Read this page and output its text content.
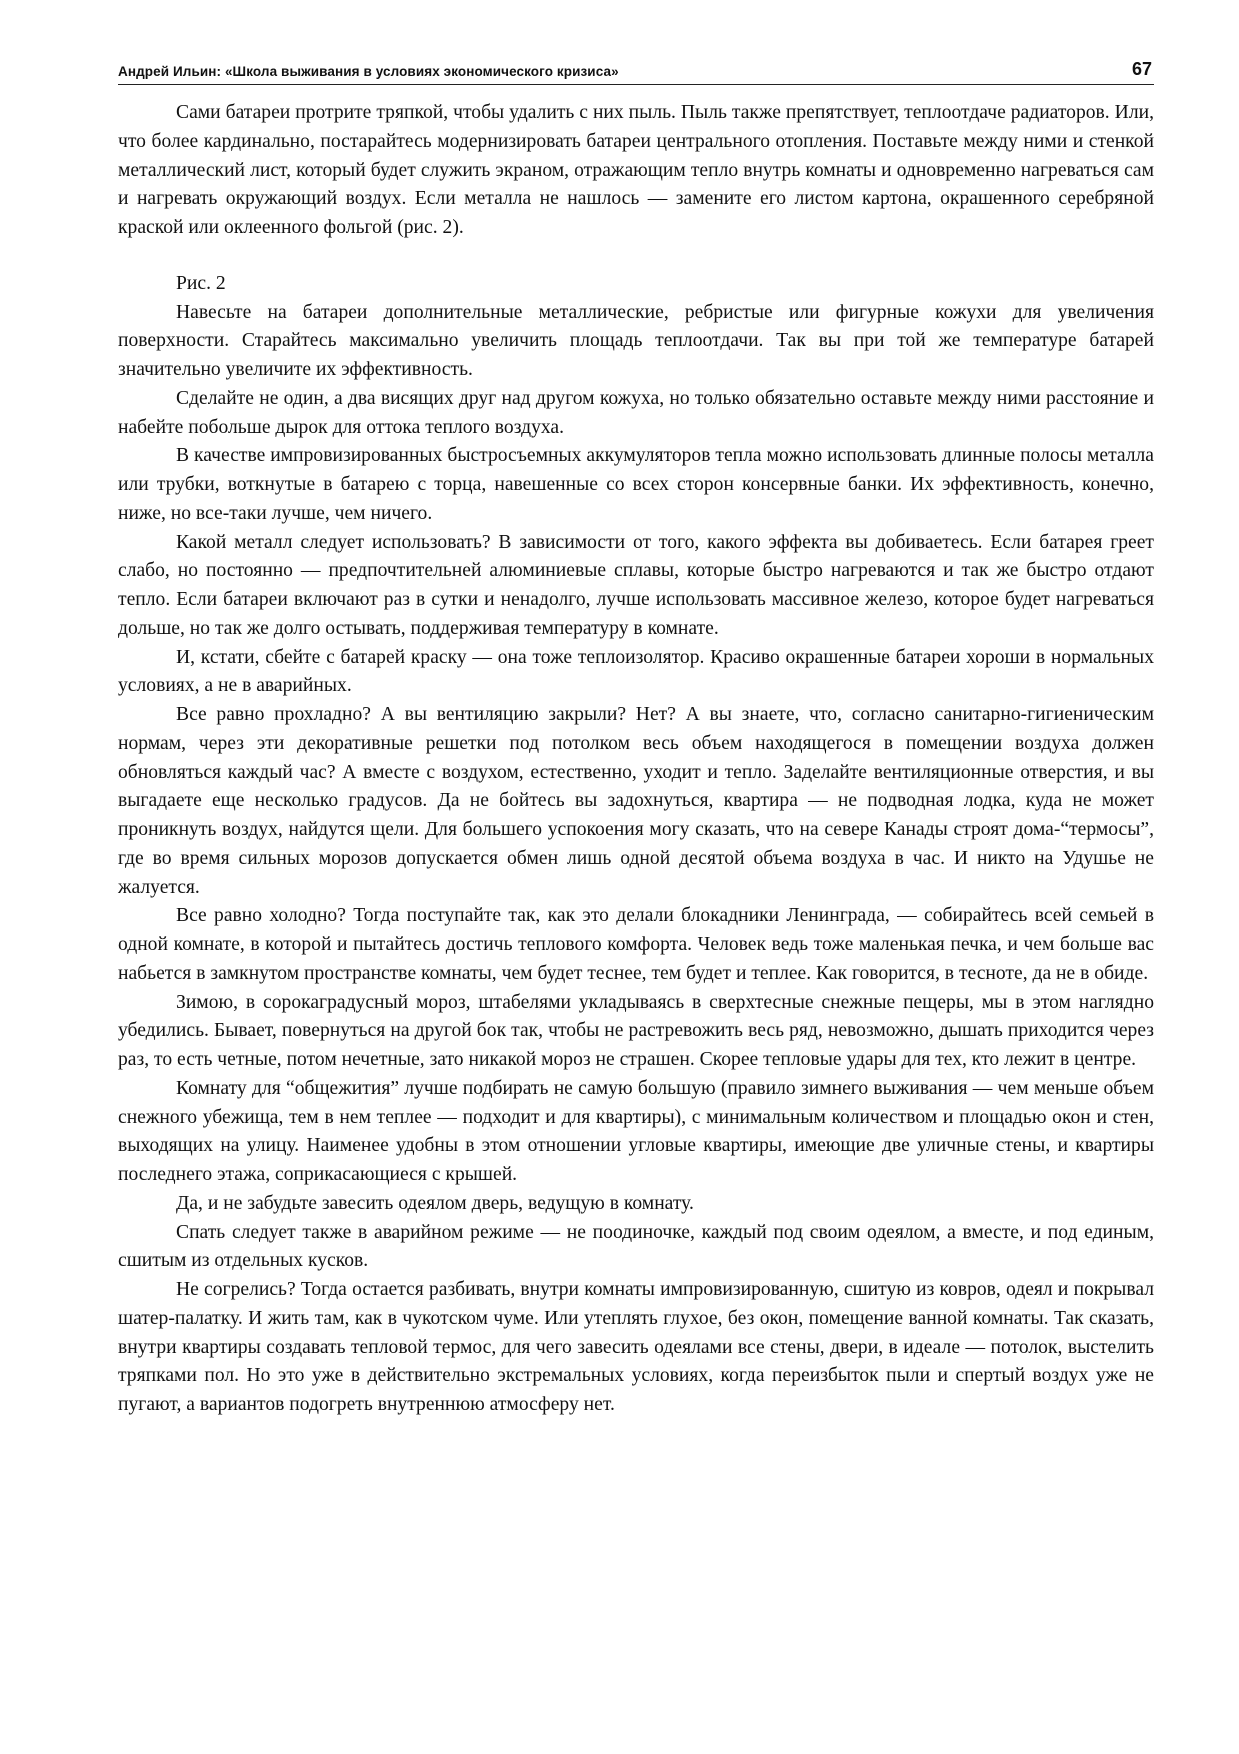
Андрей Ильин: «Школа выживания в условиях экономического кризиса»	67

Сами батареи протрите тряпкой, чтобы удалить с них пыль. Пыль также препятствует, теплоотдаче радиаторов. Или, что более кардинально, постарайтесь модернизировать батареи центрального отопления. Поставьте между ними и стенкой металлический лист, который будет служить экраном, отражающим тепло внутрь комнаты и одновременно нагреваться сам и нагревать окружающий воздух. Если металла не нашлось — замените его листом картона, окрашенного серебряной краской или оклеенного фольгой (рис. 2).

Рис. 2

Навесьте на батареи дополнительные металлические, ребристые или фигурные кожухи для увеличения поверхности. Старайтесь максимально увеличить площадь теплоотдачи. Так вы при той же температуре батарей значительно увеличите их эффективность.

Сделайте не один, а два висящих друг над другом кожуха, но только обязательно оставьте между ними расстояние и набейте побольше дырок для оттока теплого воздуха.

В качестве импровизированных быстросъемных аккумуляторов тепла можно использовать длинные полосы металла или трубки, воткнутые в батарею с торца, навешенные со всех сторон консервные банки. Их эффективность, конечно, ниже, но все-таки лучше, чем ничего.

Какой металл следует использовать? В зависимости от того, какого эффекта вы добиваетесь. Если батарея греет слабо, но постоянно — предпочтительней алюминиевые сплавы, которые быстро нагреваются и так же быстро отдают тепло. Если батареи включают раз в сутки и ненадолго, лучше использовать массивное железо, которое будет нагреваться дольше, но так же долго остывать, поддерживая температуру в комнате.

И, кстати, сбейте с батарей краску — она тоже теплоизолятор. Красиво окрашенные батареи хороши в нормальных условиях, а не в аварийных.

Все равно прохладно? А вы вентиляцию закрыли? Нет? А вы знаете, что, согласно санитарно-гигиеническим нормам, через эти декоративные решетки под потолком весь объем находящегося в помещении воздуха должен обновляться каждый час? А вместе с воздухом, естественно, уходит и тепло. Заделайте вентиляционные отверстия, и вы выгадаете еще несколько градусов. Да не бойтесь вы задохнуться, квартира — не подводная лодка, куда не может проникнуть воздух, найдутся щели. Для большего успокоения могу сказать, что на севере Канады строят дома-“термосы”, где во время сильных морозов допускается обмен лишь одной десятой объема воздуха в час. И никто на Удушье не жалуется.

Все равно холодно? Тогда поступайте так, как это делали блокадники Ленинграда, — собирайтесь всей семьей в одной комнате, в которой и пытайтесь достичь теплового комфорта. Человек ведь тоже маленькая печка, и чем больше вас набьется в замкнутом пространстве комнаты, чем будет теснее, тем будет и теплее. Как говорится, в тесноте, да не в обиде.

Зимою, в сорокаградусный мороз, штабелями укладываясь в сверхтесные снежные пещеры, мы в этом наглядно убедились. Бывает, повернуться на другой бок так, чтобы не растревожить весь ряд, невозможно, дышать приходится через раз, то есть четные, потом нечетные, зато никакой мороз не страшен. Скорее тепловые удары для тех, кто лежит в центре.

Комнату для “общежития” лучше подбирать не самую большую (правило зимнего выживания — чем меньше объем снежного убежища, тем в нем теплее — подходит и для квартиры), с минимальным количеством и площадью окон и стен, выходящих на улицу. Наименее удобны в этом отношении угловые квартиры, имеющие две уличные стены, и квартиры последнего этажа, соприкасающиеся с крышей.

Да, и не забудьте завесить одеялом дверь, ведущую в комнату.

Спать следует также в аварийном режиме — не поодиночке, каждый под своим одеялом, а вместе, и под единым, сшитым из отдельных кусков.

Не согрелись? Тогда остается разбивать, внутри комнаты импровизированную, сшитую из ковров, одеял и покрывал шатер-палатку. И жить там, как в чукотском чуме. Или утеплять глухое, без окон, помещение ванной комнаты. Так сказать, внутри квартиры создавать тепловой термос, для чего завесить одеялами все стены, двери, в идеале — потолок, выстелить тряпками пол. Но это уже в действительно экстремальных условиях, когда переизбыток пыли и спертый воздух уже не пугают, а вариантов подогреть внутреннюю атмосферу нет.
